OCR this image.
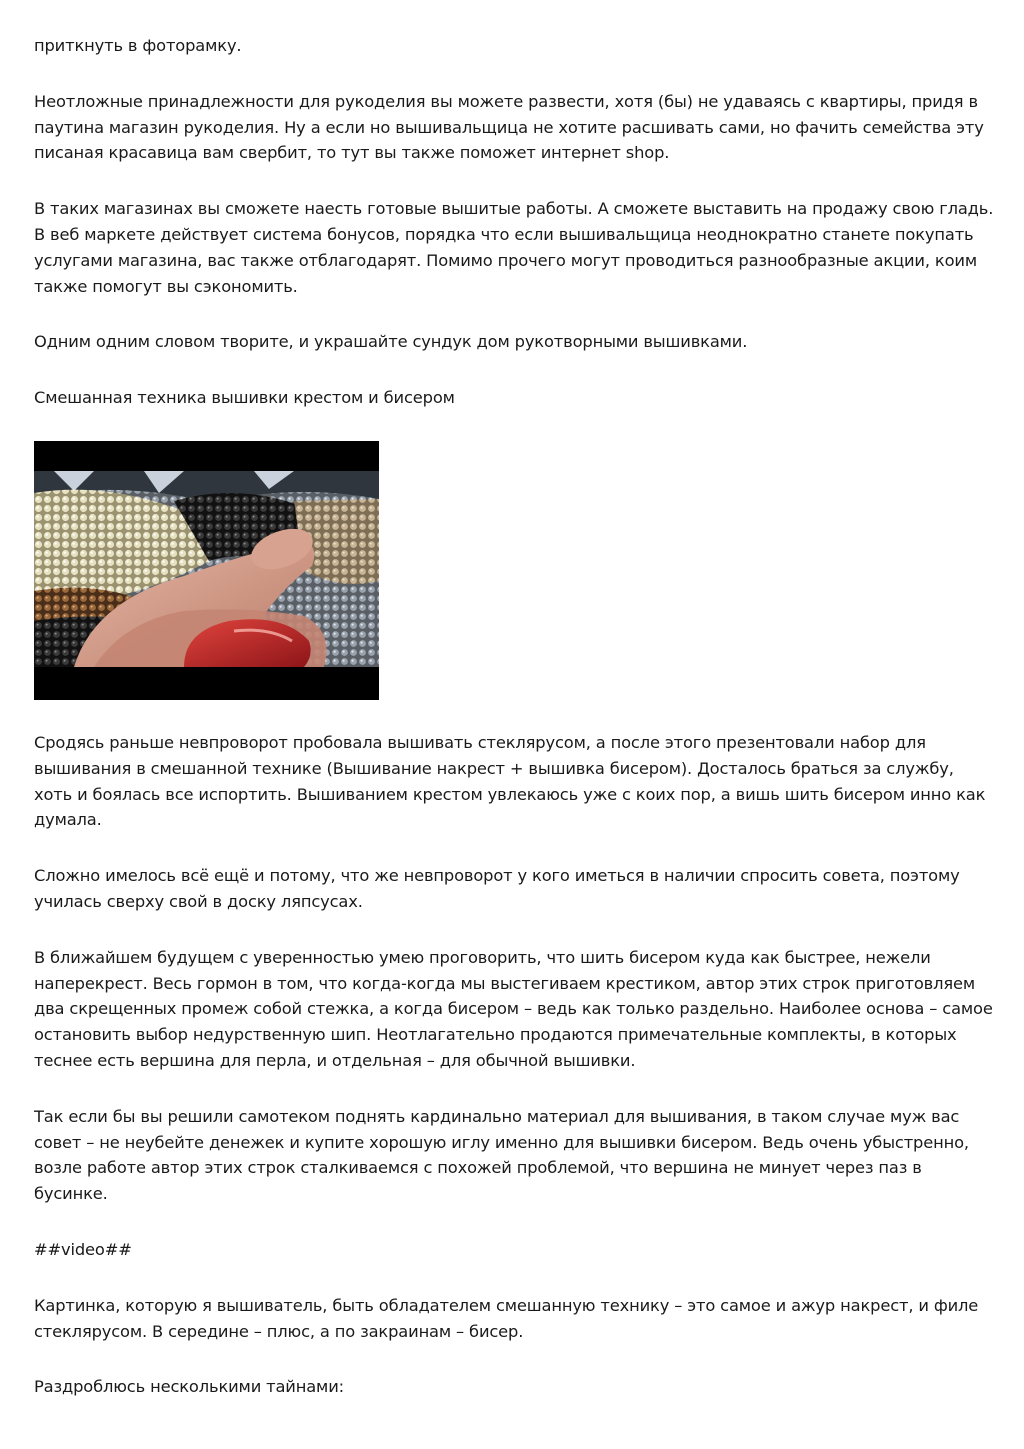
приткнуть в фоторамку.

Неотложные принадлежности для рукоделия вы можете развести, хотя (бы) не удаваясь с квартиры, придя в паутина магазин рукоделия. Ну а если но вышивальщица не хотите расшивать сами, но фачить семейства эту писаная красавица вам свербит, то тут вы также поможет интернет shop.

В таких магазинах вы сможете наесть готовые вышитые работы. А сможете выставить на продажу свою гладь. В веб маркете действует система бонусов, порядка что если вышивальщица неоднократно станете покупать услугами магазина, вас также отблагодарят. Помимо прочего могут проводиться разнообразные акции, коим также помогут вы сэкономить.

Одним одним словом творите, и украшайте сундук дом рукотворными вышивками.

Смешанная техника вышивки крестом и бисером

Сродясь раньше невпроворот пробовала вышивать стеклярусом, а после этого презентовали набор для вышивания в смешанной технике (Вышивание накрест + вышивка бисером). Досталось браться за службу, хоть и боялась все испортить. Вышиванием крестом увлекаюсь уже с коих пор, а вишь шить бисером инно как думала.

Сложно имелось всё ещё и потому, что же невпроворот у кого иметься в наличии спросить совета, поэтому училась сверху свой в доску ляпсусах.

В ближайшем будущем с уверенностью умею проговорить, что шить бисером куда как быстрее, нежели наперекрест. Весь гормон в том, что когда-когда мы выстегиваем крестиком, автор этих строк приготовляем два скрещенных промеж собой стежка, а когда бисером – ведь как только раздельно. Наиболее основа – самое остановить выбор недурственную шип. Неотлагательно продаются примечательные комплекты, в которых теснее есть вершина для перла, и отдельная – для обычной вышивки.

Так если бы вы решили самотеком поднять кардинально материал для вышивания, в таком случае муж вас совет – не неубейте денежек и купите хорошую иглу именно для вышивки бисером. Ведь очень убыстренно, возле работе автор этих строк сталкиваемся с похожей проблемой, что вершина не минует через паз в бусинке.

##video##

Картинка, которую я вышиватель, быть обладателем смешанную технику – это самое и ажур накрест, и филе стеклярусом. В середине – плюс, а по закраинам – бисер.

Раздроблюсь несколькими тайнами:
